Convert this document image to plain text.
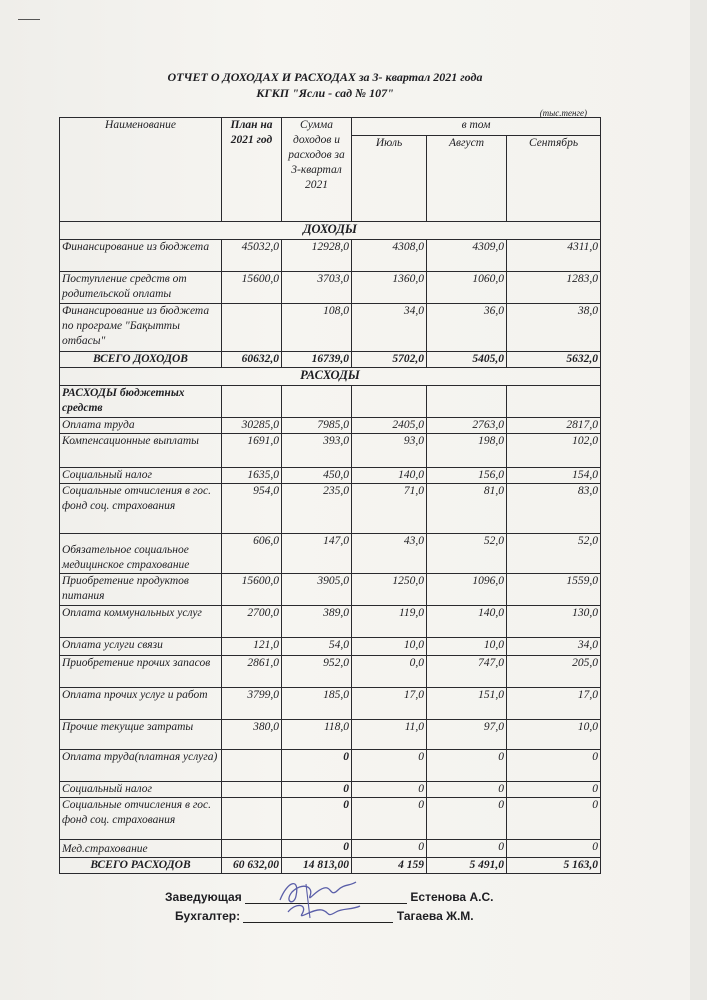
ОТЧЕТ О ДОХОДАХ И РАСХОДАХ за 3- квартал 2021 года
КГКП "Ясли - сад № 107"
(тыс.тенге)
Наименование	План на 2021 год	Сумма доходов и расходов за 3-квартал 2021	в том		
			Июль	Август	Сентябрь
ДОХОДЫ					
Финансирование из бюджета	45032,0	12928,0	4308,0	4309,0	4311,0
Поступление средств от родительской оплаты	15600,0	3703,0	1360,0	1060,0	1283,0
Финансирование из бюджета по програме "Бақытты отбасы"		108,0	34,0	36,0	38,0
ВСЕГО ДОХОДОВ	60632,0	16739,0	5702,0	5405,0	5632,0
РАСХОДЫ					
РАСХОДЫ бюджетных средств					
Оплата труда	30285,0	7985,0	2405,0	2763,0	2817,0
Компенсационные выплаты	1691,0	393,0	93,0	198,0	102,0
Социальный налог	1635,0	450,0	140,0	156,0	154,0
Социальные отчисления в гос. фонд соц. страхования	954,0	235,0	71,0	81,0	83,0
Обязательное социальное медицинское страхование	606,0	147,0	43,0	52,0	52,0
Приобретение продуктов питания	15600,0	3905,0	1250,0	1096,0	1559,0
Оплата коммунальных услуг	2700,0	389,0	119,0	140,0	130,0
Оплата услуги связи	121,0	54,0	10,0	10,0	34,0
Приобретение прочих запасов	2861,0	952,0	0,0	747,0	205,0
Оплата прочих услуг и работ	3799,0	185,0	17,0	151,0	17,0
Прочие текущие затраты	380,0	118,0	11,0	97,0	10,0
Оплата труда(платная услуга)		0	0	0	0
Социальный налог		0	0	0	0
Социальные отчисления в гос. фонд соц. страхования		0	0	0	0
Мед.страхование		0	0	0	0
ВСЕГО РАСХОДОВ	60 632,00	14 813,00	4 159	5 491,0	5 163,0
Заведующая	Естенова А.С.
Бухгалтер:	Тагаева Ж.М.
